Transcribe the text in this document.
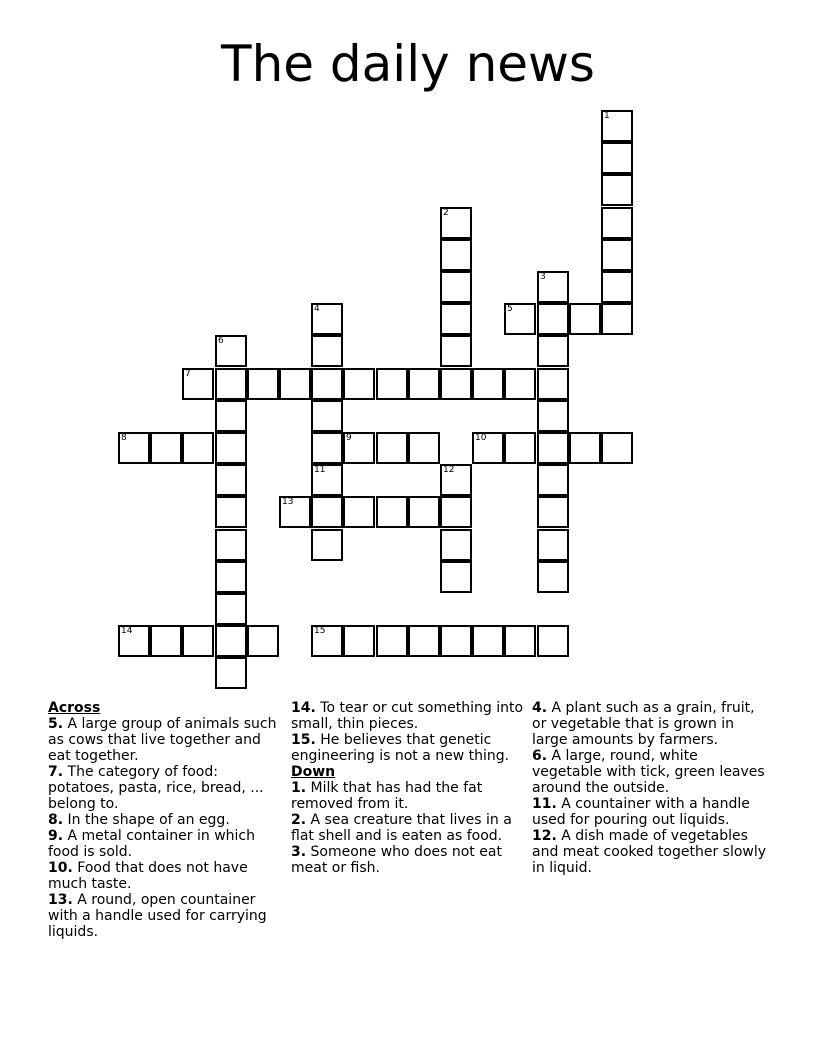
The daily news
1
2
3
4	5
6
7
8	9	10
11	12
13
14	15
Across

5. A large group of animals such as cows that live together and eat together.

7. The category of food: potatoes, pasta, rice, bread, ... belong to.

8. In the shape of an egg.

9. A metal container in which food is sold.

10. Food that does not have much taste.

13. A round, open countainer with a handle used for carrying liquids.

14. To tear or cut something into small, thin pieces.

15. He believes that genetic engineering is not a new thing.

Down

1. Milk that has had the fat removed from it.

2. A sea creature that lives in a flat shell and is eaten as food.

3. Someone who does not eat meat or fish.

4. A plant such as a grain, fruit, or vegetable that is grown in large amounts by farmers.

6. A large, round, white vegetable with tick, green leaves around the outside.

11. A countainer with a handle used for pouring out liquids.

12. A dish made of vegetables and meat cooked together slowly in liquid.
